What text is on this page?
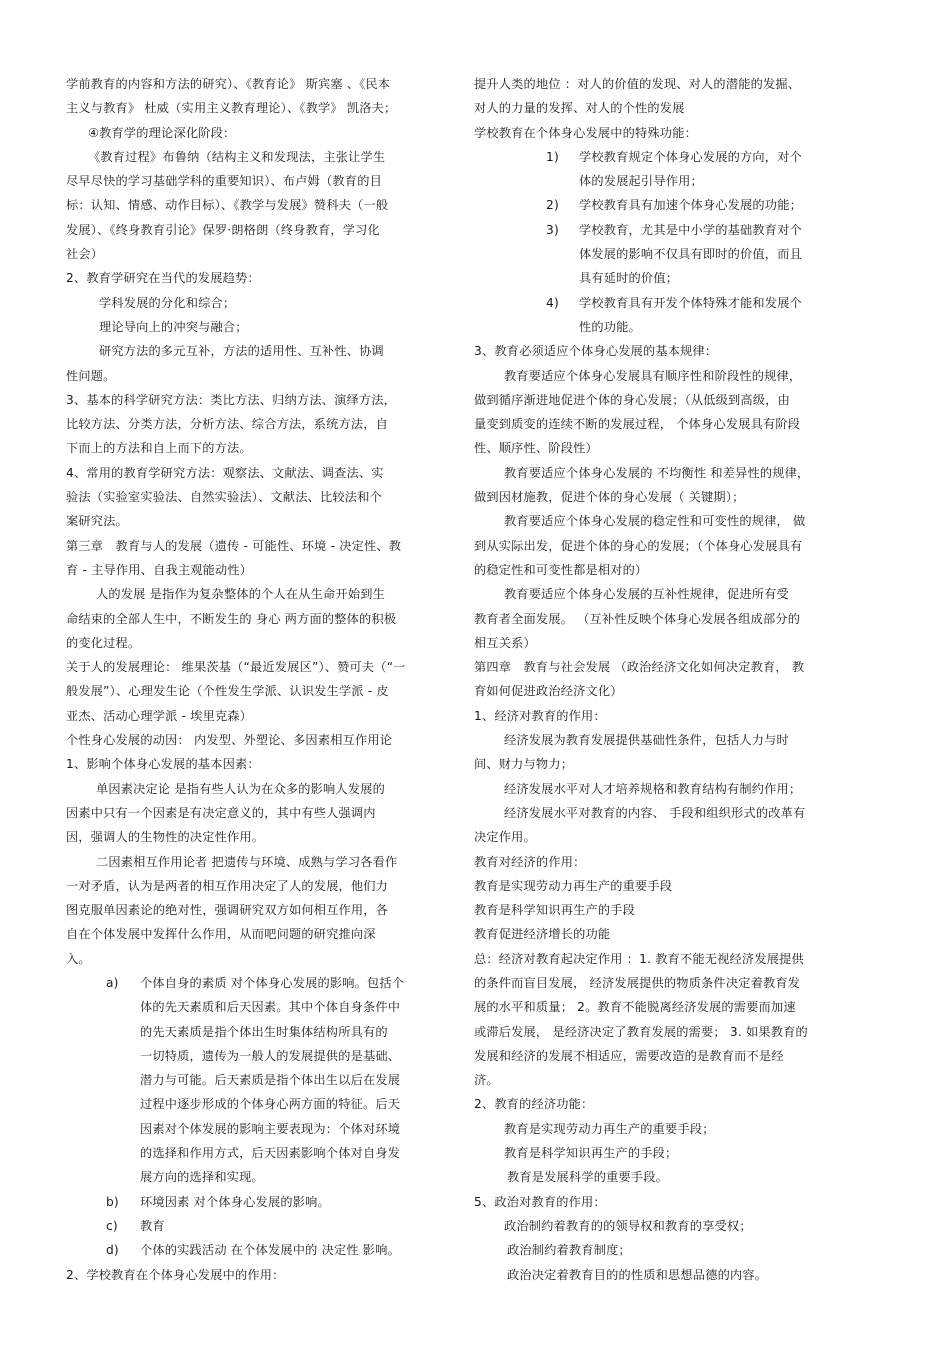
学前教育的内容和方法的研究）、《教育论》 斯宾塞 、《民本
主义与教育》 杜威（实用主义教育理论）、《教学》 凯洛夫；
④教育学的理论深化阶段：
《教育过程》布鲁纳（结构主义和发现法，主张让学生
尽早尽快的学习基础学科的重要知识）、布卢姆（教育的目
标：认知、情感、动作目标）、《教学与发展》赞科夫（一般
发展）、《终身教育引论》保罗·朗格朗（终身教育，学习化
社会）
2、教育学研究在当代的发展趋势：
学科发展的分化和综合；
理论导向上的冲突与融合；
研究方法的多元互补，方法的适用性、互补性、协调
性问题。
3、基本的科学研究方法：类比方法、归纳方法、演绎方法，
比较方法、分类方法，分析方法、综合方法，系统方法，自
下而上的方法和自上而下的方法。
4、常用的教育学研究方法：观察法、文献法、调查法、实
验法（实验室实验法、自然实验法）、文献法、比较法和个
案研究法。
第三章　教育与人的发展（遗传 - 可能性、环境 - 决定性、教
育 - 主导作用、自我主观能动性）
人的发展 是指作为复杂整体的个人在从生命开始到生
命结束的全部人生中，不断发生的 身心 两方面的整体的积极
的变化过程。
关于人的发展理论： 维果茨基（“最近发展区”）、赞可夫（“一
般发展”）、心理发生论（个性发生学派、认识发生学派 - 皮
亚杰、活动心理学派 - 埃里克森）
个性身心发展的动因： 内发型、外塑论、多因素相互作用论
1、影响个体身心发展的基本因素：
单因素决定论 是指有些人认为在众多的影响人发展的
因素中只有一个因素是有决定意义的，其中有些人强调内
因，强调人的生物性的决定性作用。
二因素相互作用论者 把遗传与环境、成熟与学习各看作
一对矛盾，认为是两者的相互作用决定了人的发展，他们力
图克服单因素论的绝对性，强调研究双方如何相互作用，各
自在个体发展中发挥什么作用，从而吧问题的研究推向深
入。
a)	个体自身的素质 对个体身心发展的影响。包括个
体的先天素质和后天因素。其中个体自身条件中
的先天素质是指个体出生时集体结构所具有的
一切特质，遗传为一般人的发展提供的是基础、
潜力与可能。后天素质是指个体出生以后在发展
过程中逐步形成的个体身心两方面的特征。后天
因素对个体发展的影响主要表现为：个体对环境
的选择和作用方式，后天因素影响个体对自身发
展方向的选择和实现。
b)	环境因素 对个体身心发展的影响。
c)	教育
d)	个体的实践活动 在个体发展中的 决定性 影响。
2、学校教育在个体身心发展中的作用：
提升人类的地位 ：对人的价值的发现、对人的潜能的发掘、
对人的力量的发挥、对人的个性的发展
学校教育在个体身心发展中的特殊功能：
1)	学校教育规定个体身心发展的方向，对个
体的发展起引导作用；
2)	学校教育具有加速个体身心发展的功能；
3)	学校教育，尤其是中小学的基础教育对个
体发展的影响不仅具有即时的价值，而且
具有延时的价值；
4)	学校教育具有开发个体特殊才能和发展个
性的功能。
3、教育必须适应个体身心发展的基本规律：
教育要适应个体身心发展具有顺序性和阶段性的规律，
做到循序渐进地促进个体的身心发展；（从低级到高级，由
量变到质变的连续不断的发展过程， 个体身心发展具有阶段
性、顺序性、阶段性）
教育要适应个体身心发展的 不均衡性 和差异性的规律，
做到因材施教，促进个体的身心发展（ 关键期）；
教育要适应个体身心发展的稳定性和可变性的规律， 做
到从实际出发，促进个体的身心的发展；（个体身心发展具有
的稳定性和可变性都是相对的）
教育要适应个体身心发展的互补性规律，促进所有受
教育者全面发展。 （互补性反映个体身心发展各组成部分的
相互关系）
第四章　教育与社会发展 （政治经济文化如何决定教育， 教
育如何促进政治经济文化）
1、经济对教育的作用：
经济发展为教育发展提供基础性条件，包括人力与时
间、财力与物力；
经济发展水平对人才培养规格和教育结构有制约作用；
经济发展水平对教育的内容、 手段和组织形式的改革有
决定作用。
教育对经济的作用：
教育是实现劳动力再生产的重要手段
教育是科学知识再生产的手段
教育促进经济增长的功能
总：经济对教育起决定作用 ：1. 教育不能无视经济发展提供
的条件而盲目发展， 经济发展提供的物质条件决定着教育发
展的水平和质量； 2。教育不能脱离经济发展的需要而加速
或滞后发展， 是经济决定了教育发展的需要； 3. 如果教育的
发展和经济的发展不相适应，需要改造的是教育而不是经
济。
2、教育的经济功能：
教育是实现劳动力再生产的重要手段；
教育是科学知识再生产的手段；
教育是发展科学的重要手段。
5、政治对教育的作用：
政治制约着教育的的领导权和教育的享受权；
政治制约着教育制度；
政治决定着教育目的的性质和思想品德的内容。
